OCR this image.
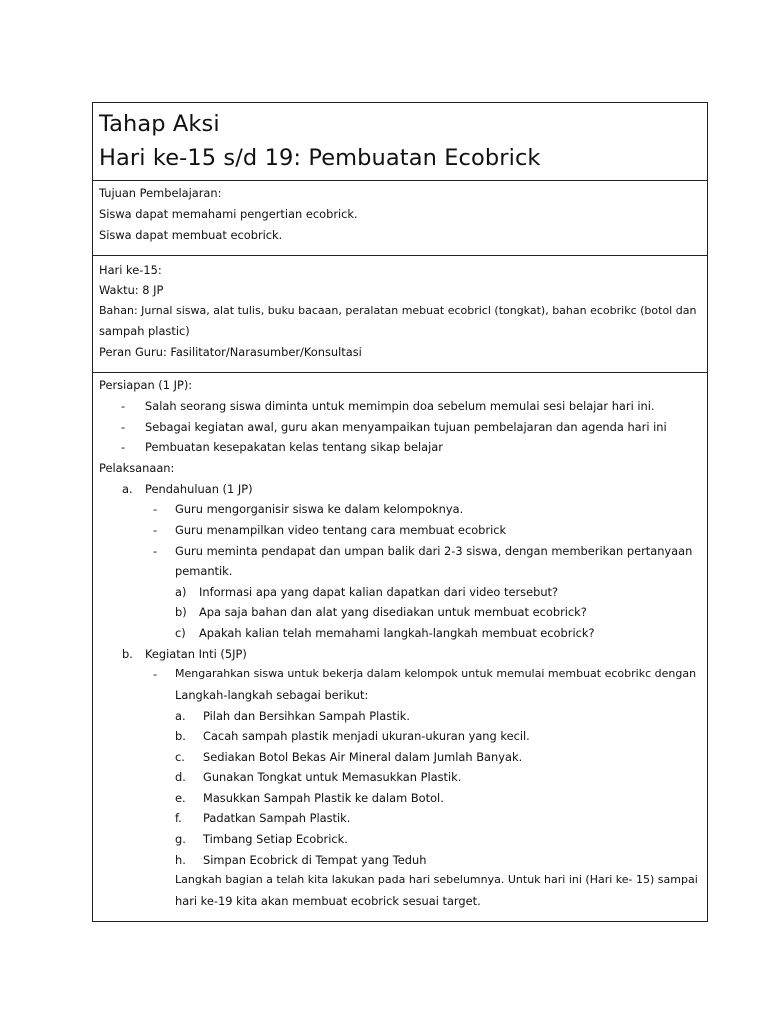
Tahap Aksi
Hari ke-15 s/d 19: Pembuatan Ecobrick
Tujuan Pembelajaran:
Siswa dapat memahami pengertian ecobrick.
Siswa dapat membuat ecobrick.
Hari ke-15:
Waktu: 8 JP
Bahan: Jurnal siswa, alat tulis, buku bacaan, peralatan mebuat ecobricl (tongkat), bahan ecobrikc (botol dan
sampah plastic)
Peran Guru: Fasilitator/Narasumber/Konsultasi
Persiapan (1 JP):
- Salah seorang siswa diminta untuk memimpin doa sebelum memulai sesi belajar hari ini.
- Sebagai kegiatan awal, guru akan menyampaikan tujuan pembelajaran dan agenda hari ini
- Pembuatan kesepakatan kelas tentang sikap belajar
Pelaksanaan:
a. Pendahuluan (1 JP)
- Guru mengorganisir siswa ke dalam kelompoknya.
- Guru menampilkan video tentang cara membuat ecobrick
- Guru meminta pendapat dan umpan balik dari 2-3 siswa, dengan memberikan pertanyaan
pemantik.
a) Informasi apa yang dapat kalian dapatkan dari video tersebut?
b) Apa saja bahan dan alat yang disediakan untuk membuat ecobrick?
c) Apakah kalian telah memahami langkah-langkah membuat ecobrick?
b. Kegiatan Inti (5JP)
- Mengarahkan siswa untuk bekerja dalam kelompok untuk memulai membuat ecobrikc dengan
Langkah-langkah sebagai berikut:
a. Pilah dan Bersihkan Sampah Plastik.
b. Cacah sampah plastik menjadi ukuran-ukuran yang kecil.
c. Sediakan Botol Bekas Air Mineral dalam Jumlah Banyak.
d. Gunakan Tongkat untuk Memasukkan Plastik.
e. Masukkan Sampah Plastik ke dalam Botol.
f. Padatkan Sampah Plastik.
g. Timbang Setiap Ecobrick.
h. Simpan Ecobrick di Tempat yang Teduh
Langkah bagian a telah kita lakukan pada hari sebelumnya. Untuk hari ini (Hari ke- 15) sampai
hari ke-19 kita akan membuat ecobrick sesuai target.
